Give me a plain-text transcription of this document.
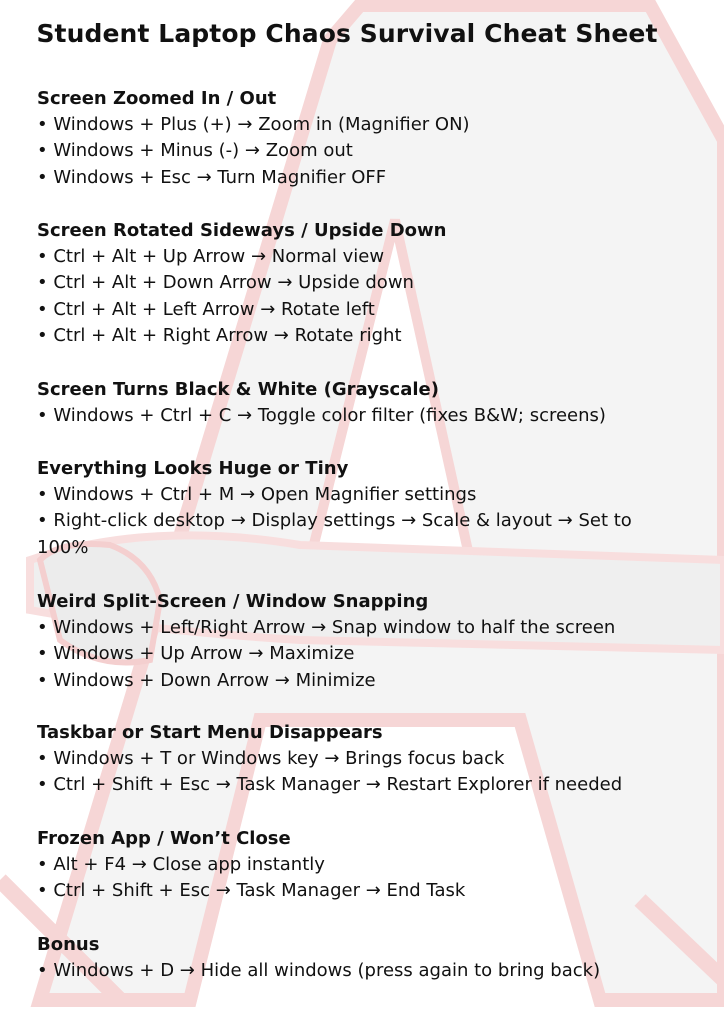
Student Laptop Chaos Survival Cheat Sheet
Screen Zoomed In / Out
• Windows + Plus (+) → Zoom in (Magnifier ON)
• Windows + Minus (-) → Zoom out
• Windows + Esc → Turn Magnifier OFF
Screen Rotated Sideways / Upside Down
• Ctrl + Alt + Up Arrow → Normal view
• Ctrl + Alt + Down Arrow → Upside down
• Ctrl + Alt + Left Arrow → Rotate left
• Ctrl + Alt + Right Arrow → Rotate right
Screen Turns Black & White (Grayscale)
• Windows + Ctrl + C → Toggle color filter (fixes B&W; screens)
Everything Looks Huge or Tiny
• Windows + Ctrl + M → Open Magnifier settings
• Right-click desktop → Display settings → Scale & layout → Set to 100%
Weird Split-Screen / Window Snapping
• Windows + Left/Right Arrow → Snap window to half the screen
• Windows + Up Arrow → Maximize
• Windows + Down Arrow → Minimize
Taskbar or Start Menu Disappears
• Windows + T or Windows key → Brings focus back
• Ctrl + Shift + Esc → Task Manager → Restart Explorer if needed
Frozen App / Won’t Close
• Alt + F4 → Close app instantly
• Ctrl + Shift + Esc → Task Manager → End Task
Bonus
• Windows + D → Hide all windows (press again to bring back)
